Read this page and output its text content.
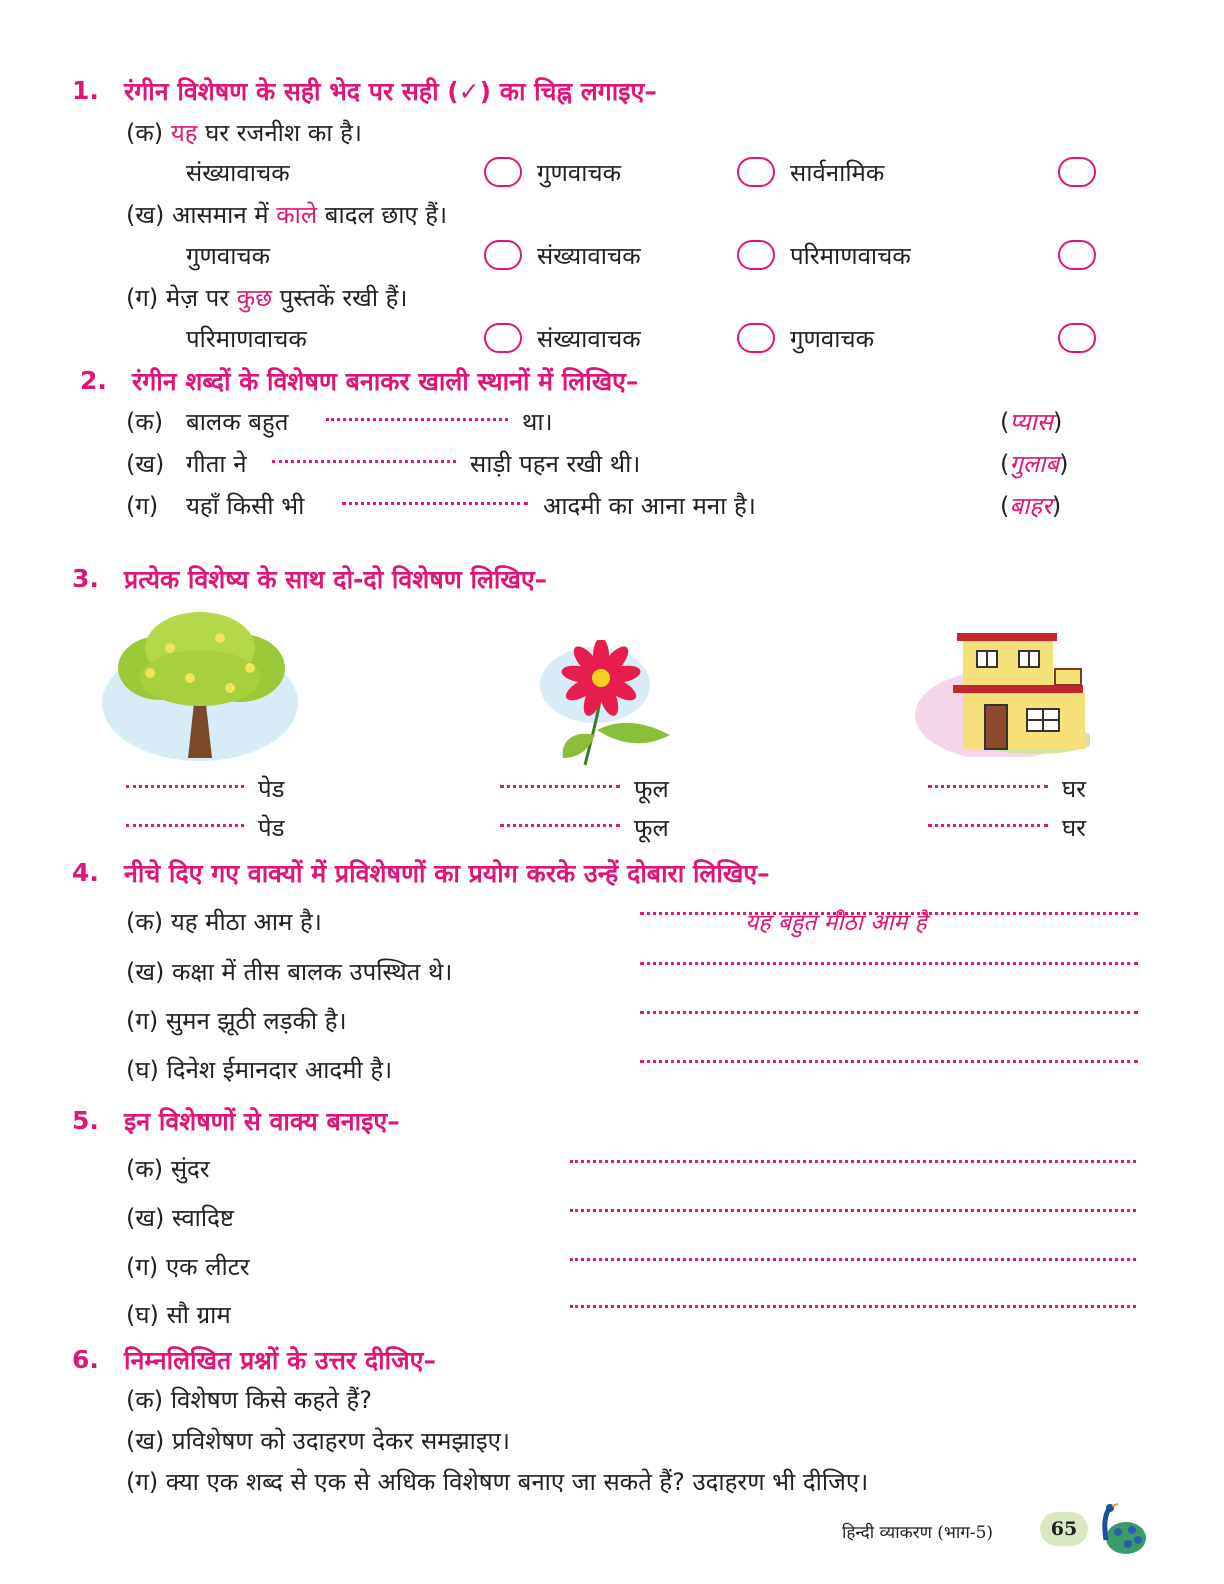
1. रंगीन विशेषण के सही भेद पर सही (✓) का चिह्न लगाइए–
(क) यह घर रजनीश का है।
संख्यावाचक	गुणवाचक	सार्वनामिक
(ख) आसमान में काले बादल छाए हैं।
गुणवाचक	संख्यावाचक	परिमाणवाचक
(ग) मेज़ पर कुछ पुस्तकें रखी हैं।
परिमाणवाचक	संख्यावाचक	गुणवाचक
2. रंगीन शब्दों के विशेषण बनाकर खाली स्थानों में लिखिए–
(क) बालक बहुत	था।	(प्यास)
(ख) गीता ने	साड़ी पहन रखी थी।	(गुलाब)
(ग) यहाँ किसी भी	आदमी का आना मना है।	(बाहर)
3. प्रत्येक विशेष्य के साथ दो-दो विशेषण लिखिए–
पेड
पेड
फूल
फूल
घर
घर
4. नीचे दिए गए वाक्यों में प्रविशेषणों का प्रयोग करके उन्हें दोबारा लिखिए–
(क) यह मीठा आम है।	यह बहुत मीठा आम है
(ख) कक्षा में तीस बालक उपस्थित थे।
(ग) सुमन झूठी लड़की है।
(घ) दिनेश ईमानदार आदमी है।
5. इन विशेषणों से वाक्य बनाइए–
(क) सुंदर
(ख) स्वादिष्ट
(ग) एक लीटर
(घ) सौ ग्राम
6. निम्नलिखित प्रश्नों के उत्तर दीजिए–
(क) विशेषण किसे कहते हैं?
(ख) प्रविशेषण को उदाहरण देकर समझाइए।
(ग) क्या एक शब्द से एक से अधिक विशेषण बनाए जा सकते हैं? उदाहरण भी दीजिए।
हिन्दी व्याकरण (भाग-5)	65
